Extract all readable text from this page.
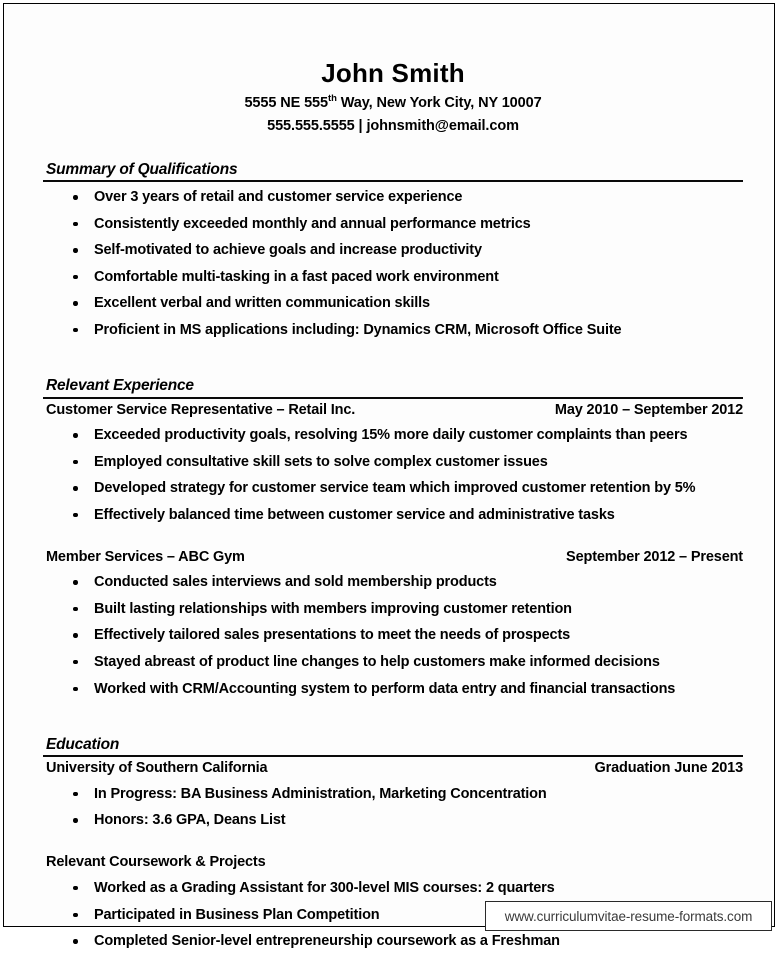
John Smith
5555 NE 555th Way, New York City, NY 10007
555.555.5555 | johnsmith@email.com
Summary of Qualifications
Over 3 years of retail and customer service experience
Consistently exceeded monthly and annual performance metrics
Self-motivated to achieve goals and increase productivity
Comfortable multi-tasking in a fast paced work environment
Excellent verbal and written communication skills
Proficient in MS applications including: Dynamics CRM, Microsoft Office Suite
Relevant Experience
Customer Service Representative – Retail Inc.	May 2010 – September 2012
Exceeded productivity goals, resolving 15% more daily customer complaints than peers
Employed consultative skill sets to solve complex customer issues
Developed strategy for customer service team which improved customer retention by 5%
Effectively balanced time between customer service and administrative tasks
Member Services – ABC Gym	September 2012 – Present
Conducted sales interviews and sold membership products
Built lasting relationships with members improving customer retention
Effectively tailored sales presentations to meet the needs of prospects
Stayed abreast of product line changes to help customers make informed decisions
Worked with CRM/Accounting system to perform data entry and financial transactions
Education
University of Southern California	Graduation June 2013
In Progress: BA Business Administration, Marketing Concentration
Honors: 3.6 GPA, Deans List
Relevant Coursework & Projects
Worked as a Grading Assistant for 300-level MIS courses: 2 quarters
Participated in Business Plan Competition
Completed Senior-level entrepreneurship coursework as a Freshman
www.curriculumvitae-resume-formats.com
